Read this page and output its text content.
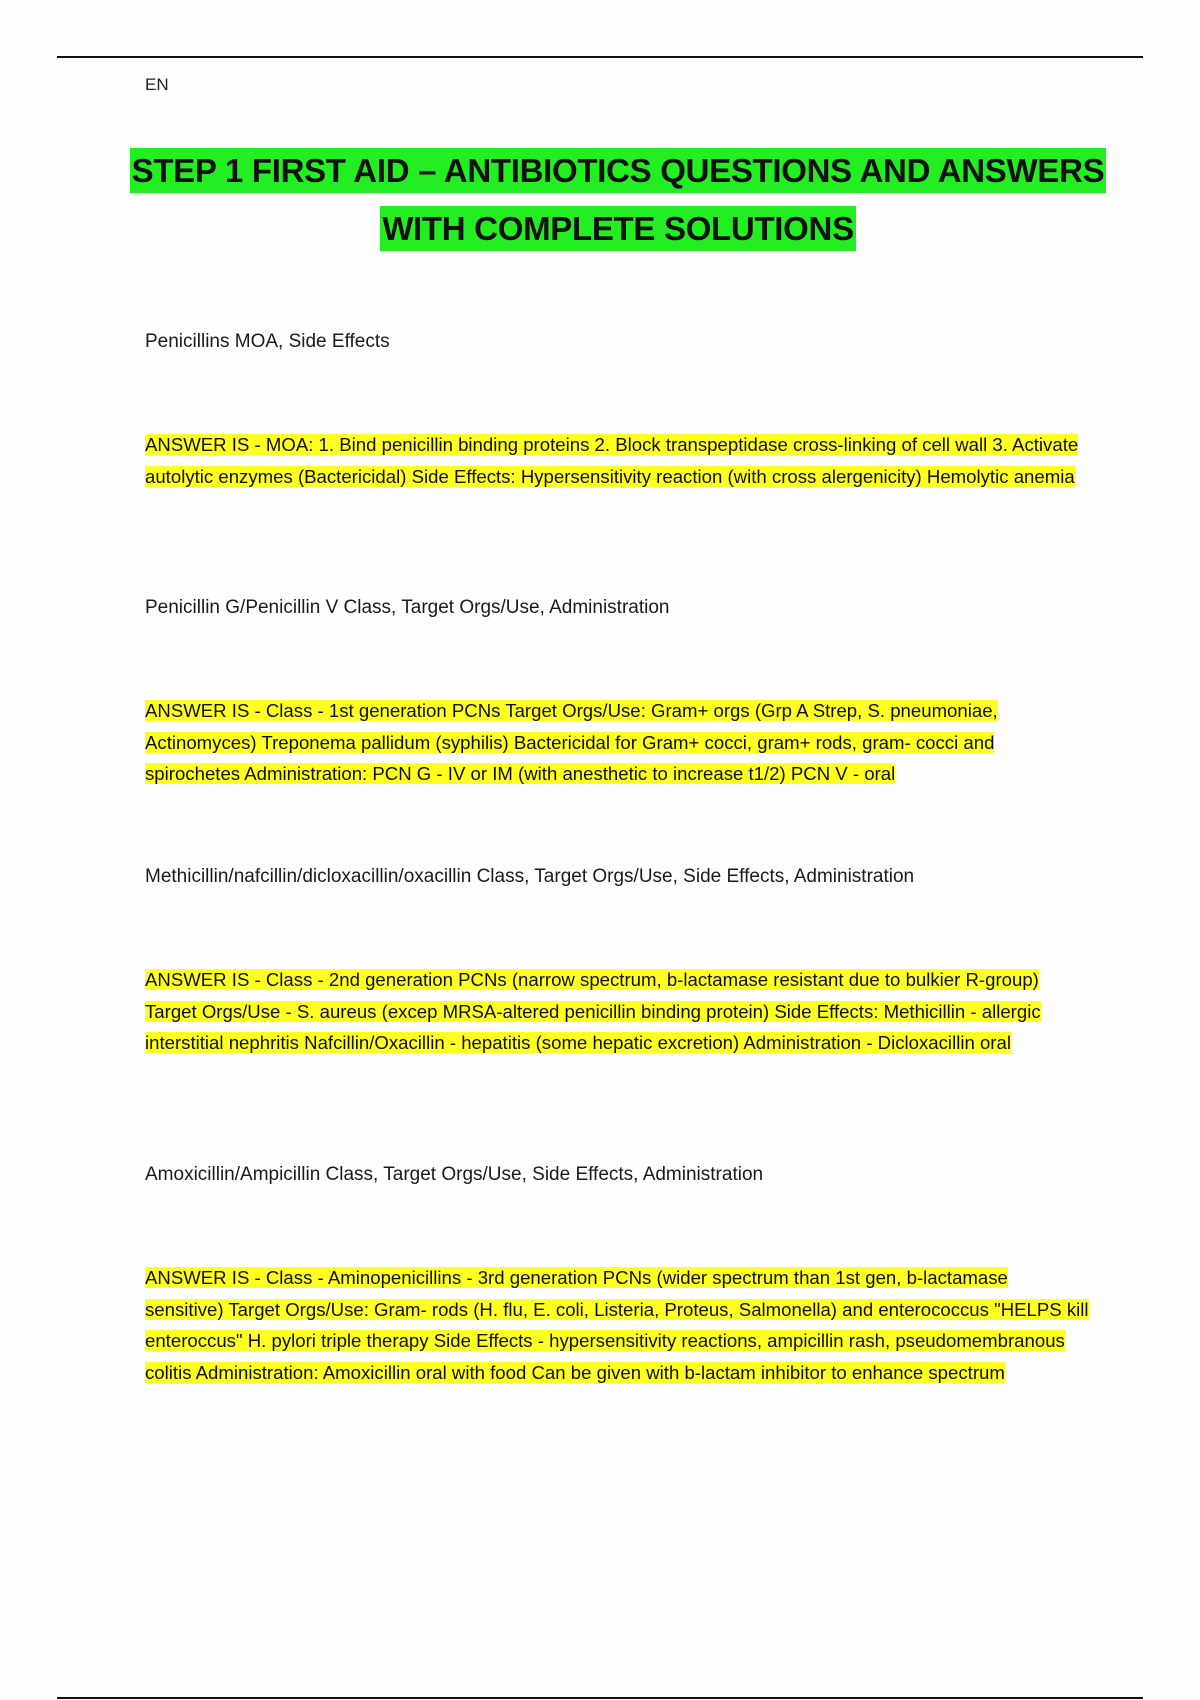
EN
STEP 1 FIRST AID – ANTIBIOTICS QUESTIONS AND ANSWERS WITH COMPLETE SOLUTIONS

Penicillins MOA, Side Effects

ANSWER IS - MOA: 1. Bind penicillin binding proteins 2. Block transpeptidase cross-linking of cell wall 3. Activate autolytic enzymes (Bactericidal) Side Effects: Hypersensitivity reaction (with cross alergenicity) Hemolytic anemia

Penicillin G/Penicillin V Class, Target Orgs/Use, Administration

ANSWER IS - Class - 1st generation PCNs Target Orgs/Use: Gram+ orgs (Grp A Strep, S. pneumoniae, Actinomyces) Treponema pallidum (syphilis) Bactericidal for Gram+ cocci, gram+ rods, gram- cocci and spirochetes Administration: PCN G - IV or IM (with anesthetic to increase t1/2) PCN V - oral

Methicillin/nafcillin/dicloxacillin/oxacillin Class, Target Orgs/Use, Side Effects, Administration

ANSWER IS - Class - 2nd generation PCNs (narrow spectrum, b-lactamase resistant due to bulkier R-group) Target Orgs/Use - S. aureus (excep MRSA-altered penicillin binding protein) Side Effects: Methicillin - allergic interstitial nephritis Nafcillin/Oxacillin - hepatitis (some hepatic excretion) Administration - Dicloxacillin oral

Amoxicillin/Ampicillin Class, Target Orgs/Use, Side Effects, Administration

ANSWER IS - Class - Aminopenicillins - 3rd generation PCNs (wider spectrum than 1st gen, b-lactamase sensitive) Target Orgs/Use: Gram- rods (H. flu, E. coli, Listeria, Proteus, Salmonella) and enterococcus "HELPS kill enteroccus" H. pylori triple therapy Side Effects - hypersensitivity reactions, ampicillin rash, pseudomembranous colitis Administration: Amoxicillin oral with food Can be given with b-lactam inhibitor to enhance spectrum
